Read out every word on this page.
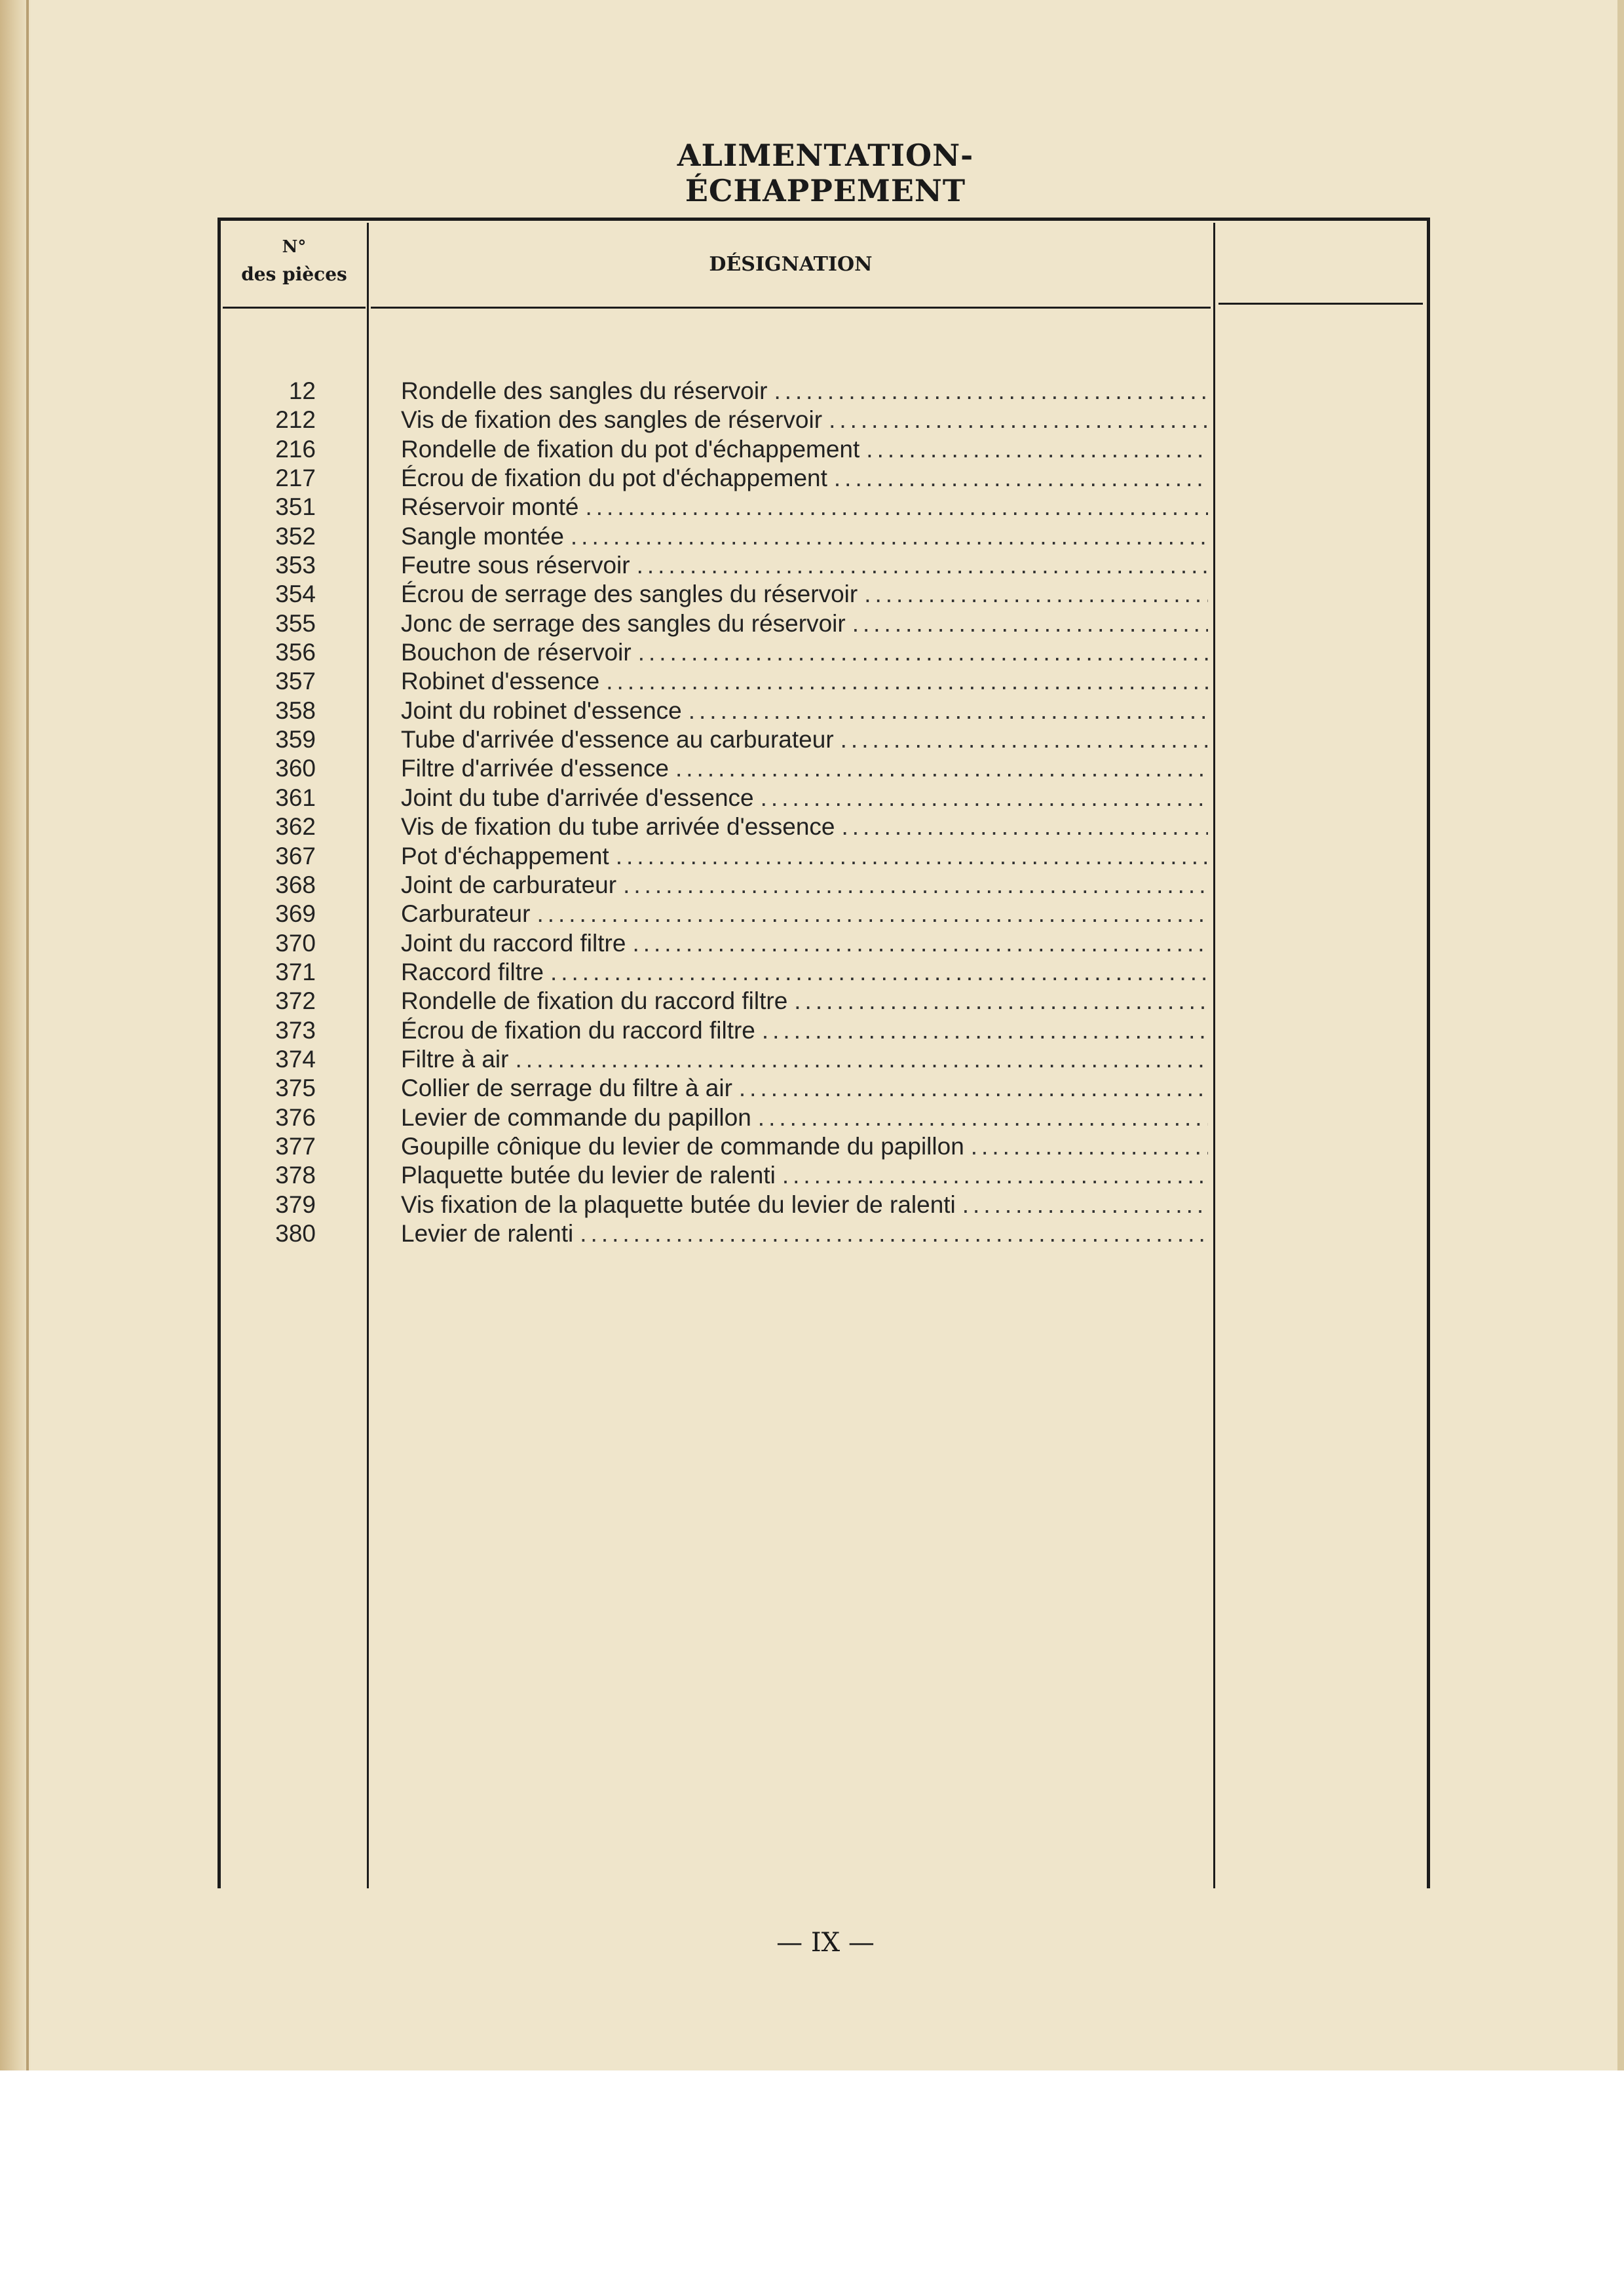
ALIMENTATION-ÉCHAPPEMENT
N°
des pièces	DÉSIGNATION
12	Rondelle des sangles du réservoir
.....
212	Vis de fixation des sangles de réservoir
.....
216	Rondelle de fixation du pot d'échappement
.....
217	Écrou de fixation du pot d'échappement
.....
351	Réservoir monté
.....
352	Sangle montée
.....
353	Feutre sous réservoir
.....
354	Écrou de serrage des sangles du réservoir
.....
355	Jonc de serrage des sangles du réservoir
.....
356	Bouchon de réservoir
.....
357	Robinet d'essence
.....
358	Joint du robinet d'essence
.....
359	Tube d'arrivée d'essence au carburateur
.....
360	Filtre d'arrivée d'essence
.....
361	Joint du tube d'arrivée d'essence
.....
362	Vis de fixation du tube arrivée d'essence
.....
367	Pot d'échappement
.....
368	Joint de carburateur
.....
369	Carburateur
.....
370	Joint du raccord filtre
.....
371	Raccord filtre
.....
372	Rondelle de fixation du raccord filtre
.....
373	Écrou de fixation du raccord filtre
.....
374	Filtre à air
.....
375	Collier de serrage du filtre à air
.....
376	Levier de commande du papillon
.....
377	Goupille cônique du levier de commande du papillon
.....
378	Plaquette butée du levier de ralenti
.....
379	Vis fixation de la plaquette butée du levier de ralenti
.....
380	Levier de ralenti
.....
— IX —
